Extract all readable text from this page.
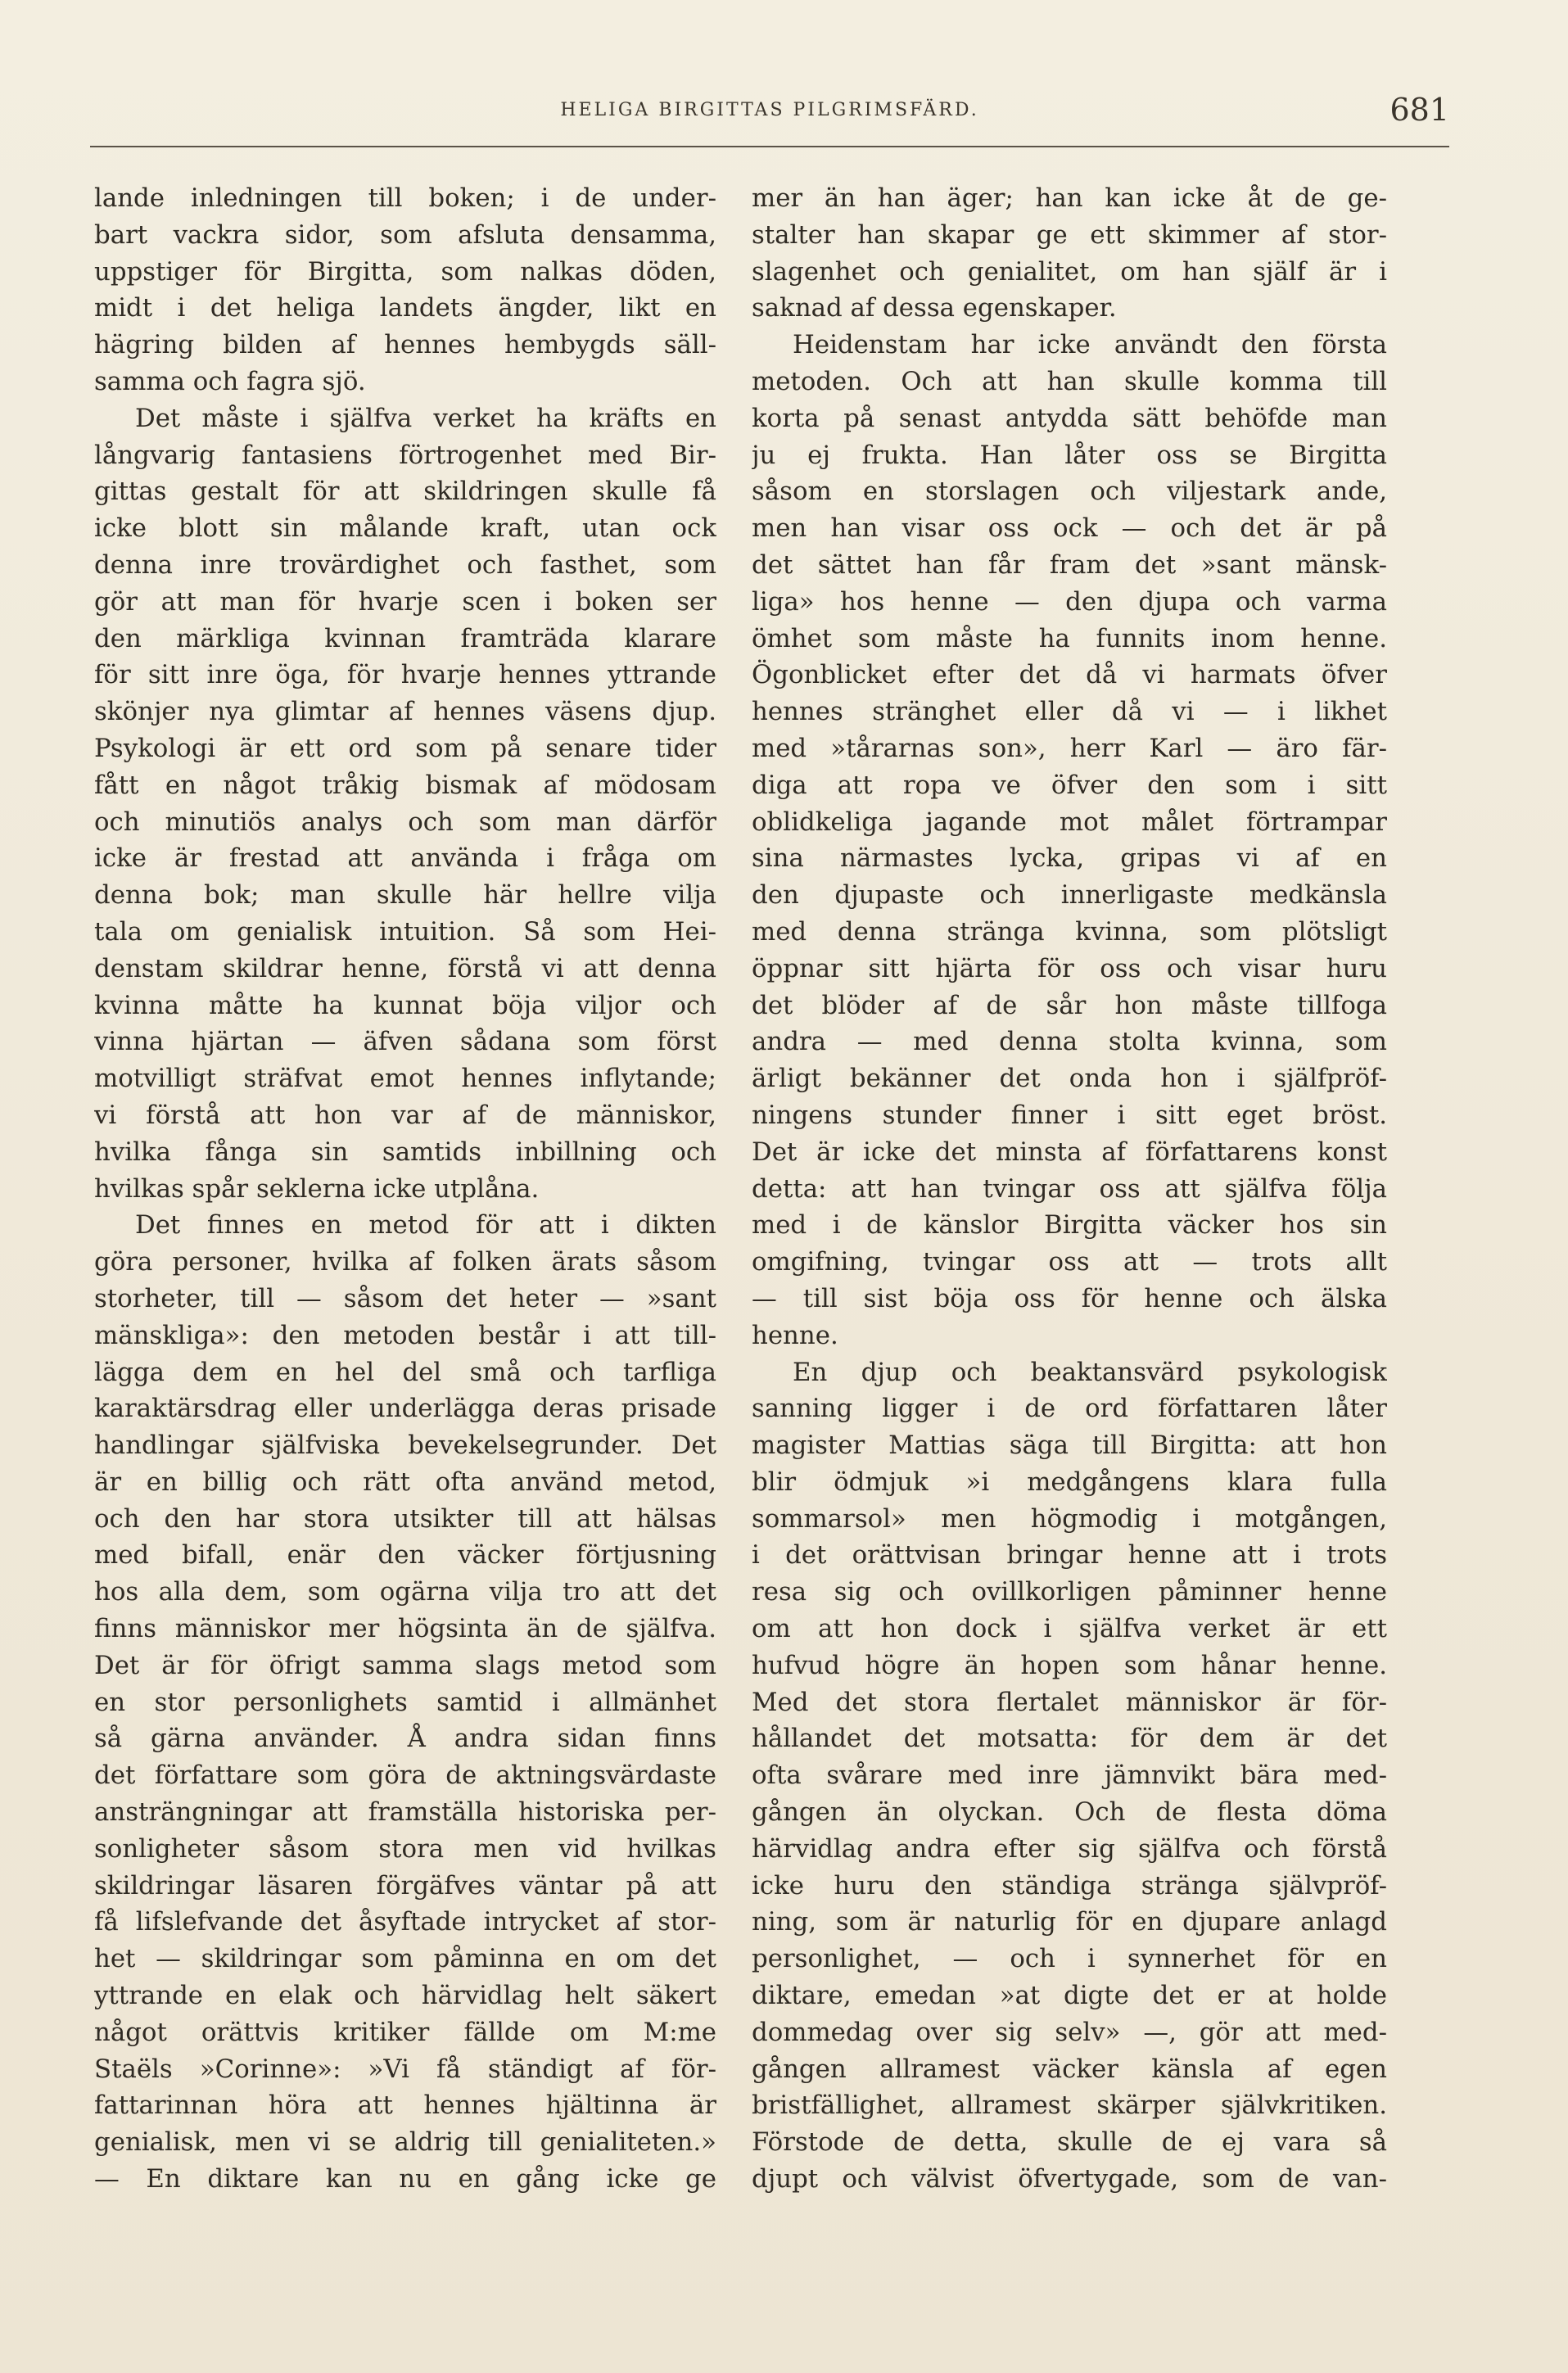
HELIGA BIRGITTAS PILGRIMSFÄRD.	681
lande inledningen till boken; i de under-
bart vackra sidor, som afsluta densamma,
uppstiger för Birgitta, som nalkas döden,
midt i det heliga landets ängder, likt en
hägring bilden af hennes hembygds säll-
samma och fagra sjö.
Det måste i själfva verket ha kräfts en
långvarig fantasiens förtrogenhet med Bir-
gittas gestalt för att skildringen skulle få
icke blott sin målande kraft, utan ock
denna inre trovärdighet och fasthet, som
gör att man för hvarje scen i boken ser
den märkliga kvinnan framträda klarare
för sitt inre öga, för hvarje hennes yttrande
skönjer nya glimtar af hennes väsens djup.
Psykologi är ett ord som på senare tider
fått en något tråkig bismak af mödosam
och minutiös analys och som man därför
icke är frestad att använda i fråga om
denna bok; man skulle här hellre vilja
tala om genialisk intuition. Så som Hei-
denstam skildrar henne, förstå vi att denna
kvinna måtte ha kunnat böja viljor och
vinna hjärtan — äfven sådana som först
motvilligt sträfvat emot hennes inflytande;
vi förstå att hon var af de människor,
hvilka fånga sin samtids inbillning och
hvilkas spår seklerna icke utplåna.
Det finnes en metod för att i dikten
göra personer, hvilka af folken ärats såsom
storheter, till — såsom det heter — »sant
mänskliga»: den metoden består i att till-
lägga dem en hel del små och tarfliga
karaktärsdrag eller underlägga deras prisade
handlingar själfviska bevekelsegrunder. Det
är en billig och rätt ofta använd metod,
och den har stora utsikter till att hälsas
med bifall, enär den väcker förtjusning
hos alla dem, som ogärna vilja tro att det
finns människor mer högsinta än de själfva.
Det är för öfrigt samma slags metod som
en stor personlighets samtid i allmänhet
så gärna använder. Å andra sidan finns
det författare som göra de aktningsvärdaste
ansträngningar att framställa historiska per-
sonligheter såsom stora men vid hvilkas
skildringar läsaren förgäfves väntar på att
få lifslefvande det åsyftade intrycket af stor-
het — skildringar som påminna en om det
yttrande en elak och härvidlag helt säkert
något orättvis kritiker fällde om M:me
Staëls »Corinne»: »Vi få ständigt af för-
fattarinnan höra att hennes hjältinna är
genialisk, men vi se aldrig till genialiteten.»
— En diktare kan nu en gång icke ge
mer än han äger; han kan icke åt de ge-
stalter han skapar ge ett skimmer af stor-
slagenhet och genialitet, om han själf är i
saknad af dessa egenskaper.
Heidenstam har icke användt den första
metoden. Och att han skulle komma till
korta på senast antydda sätt behöfde man
ju ej frukta. Han låter oss se Birgitta
såsom en storslagen och viljestark ande,
men han visar oss ock — och det är på
det sättet han får fram det »sant mänsk-
liga» hos henne — den djupa och varma
ömhet som måste ha funnits inom henne.
Ögonblicket efter det då vi harmats öfver
hennes stränghet eller då vi — i likhet
med »tårarnas son», herr Karl — äro fär-
diga att ropa ve öfver den som i sitt
oblidkeliga jagande mot målet förtrampar
sina närmastes lycka, gripas vi af en
den djupaste och innerligaste medkänsla
med denna stränga kvinna, som plötsligt
öppnar sitt hjärta för oss och visar huru
det blöder af de sår hon måste tillfoga
andra — med denna stolta kvinna, som
ärligt bekänner det onda hon i själfpröf-
ningens stunder finner i sitt eget bröst.
Det är icke det minsta af författarens konst
detta: att han tvingar oss att själfva följa
med i de känslor Birgitta väcker hos sin
omgifning, tvingar oss att — trots allt
— till sist böja oss för henne och älska
henne.
En djup och beaktansvärd psykologisk
sanning ligger i de ord författaren låter
magister Mattias säga till Birgitta: att hon
blir ödmjuk »i medgångens klara fulla
sommarsol» men högmodig i motgången,
i det orättvisan bringar henne att i trots
resa sig och ovillkorligen påminner henne
om att hon dock i själfva verket är ett
hufvud högre än hopen som hånar henne.
Med det stora flertalet människor är för-
hållandet det motsatta: för dem är det
ofta svårare med inre jämnvikt bära med-
gången än olyckan. Och de flesta döma
härvidlag andra efter sig själfva och förstå
icke huru den ständiga stränga självpröf-
ning, som är naturlig för en djupare anlagd
personlighet, — och i synnerhet för en
diktare, emedan »at digte det er at holde
dommedag over sig selv» —, gör att med-
gången allramest väcker känsla af egen
bristfällighet, allramest skärper självkritiken.
Förstode de detta, skulle de ej vara så
djupt och välvist öfvertygade, som de van-
